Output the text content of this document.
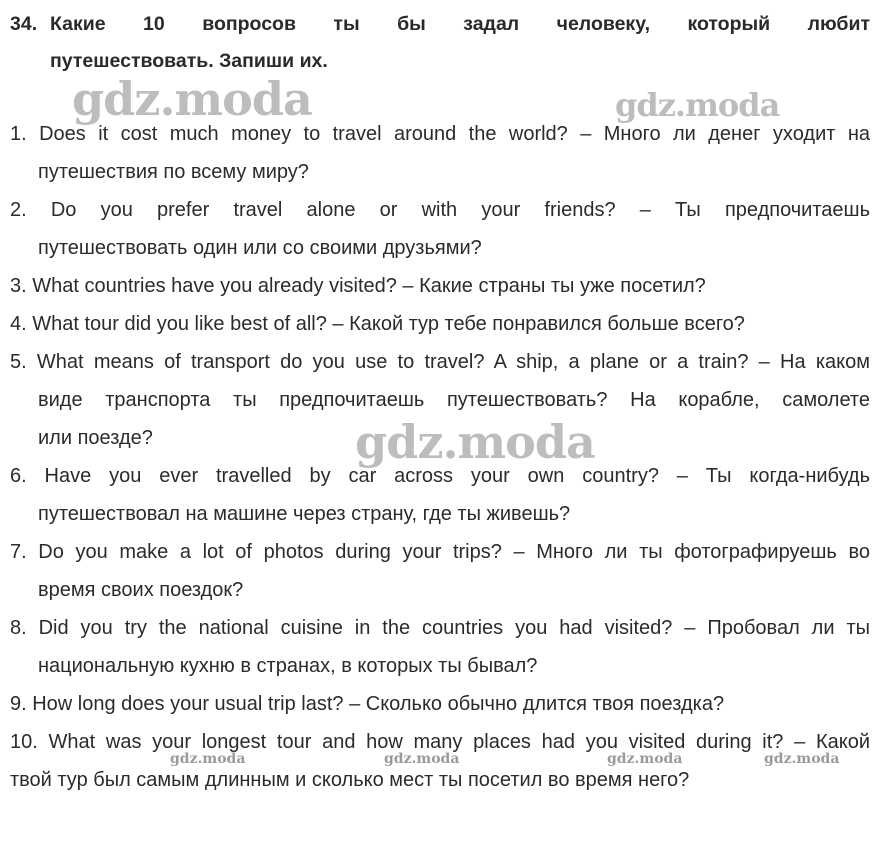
34. Какие 10 вопросов ты бы задал человеку, который любит
путешествовать. Запиши их.
1. Does it cost much money to travel around the world? – Много ли денег уходит на
путешествия по всему миру?
2. Do you prefer travel alone or with your friends? – Ты предпочитаешь
путешествовать один или со своими друзьями?
3. What countries have you already visited? – Какие страны ты уже посетил?
4. What tour did you like best of all? – Какой тур тебе понравился больше всего?
5. What means of transport do you use to travel? A ship, a plane or a train? – На каком
виде транспорта ты предпочитаешь путешествовать? На корабле, самолете
или поезде?
6. Have you ever travelled by car across your own country? – Ты когда-нибудь
путешествовал на машине через страну, где ты живешь?
7. Do you make a lot of photos during your trips? – Много ли ты фотографируешь во
время своих поездок?
8. Did you try the national cuisine in the countries you had visited? – Пробовал ли ты
национальную кухню в странах, в которых ты бывал?
9. How long does your usual trip last? – Сколько обычно длится твоя поездка?
10. What was your longest tour and how many places had you visited during it? – Какой
твой тур был самым длинным и сколько мест ты посетил во время него?
gdz.moda	gdz.moda
gdz.moda
gdz.moda	gdz.moda	gdz.moda	gdz.moda
